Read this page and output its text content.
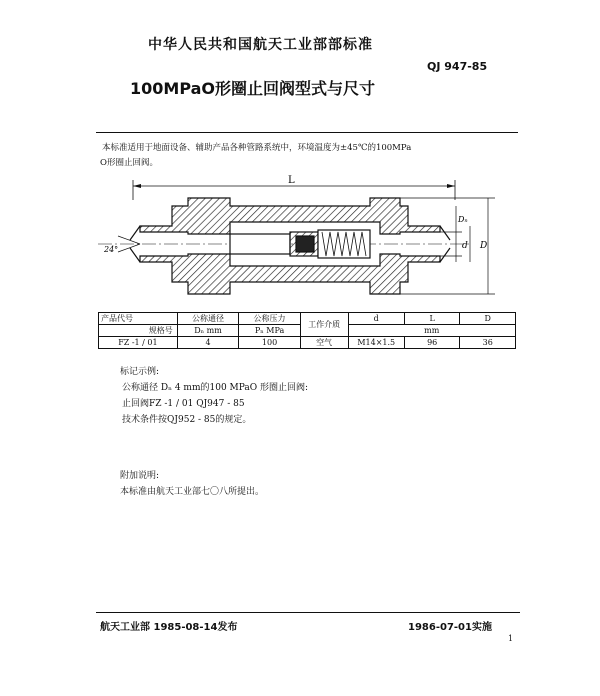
中华人民共和国航天工业部部标准
QJ 947-85
100MPaO形圈止回阀型式与尺寸
本标准适用于地面设备、辅助产品各种管路系统中，环境温度为±45℃的100MPa
O形圈止回阀。
L
24°
Dₙ
d D
产品代号	公称通径	公称压力	工作介质	d	L	D
规格号	Dₙ mm	Pₙ MPa		mm		
FZ -1 / 01	4	100	空气	M14×1.5	96	36
标记示例:
公称通径 Dₙ 4 mm的100 MPaO 形圈止回阀:
止回阀FZ -1 / 01 QJ947 - 85
技术条件按QJ952 - 85的规定。
附加说明:
本标准由航天工业部七〇八所提出。
航天工业部 1985-08-14发布	1986-07-01实施
1
